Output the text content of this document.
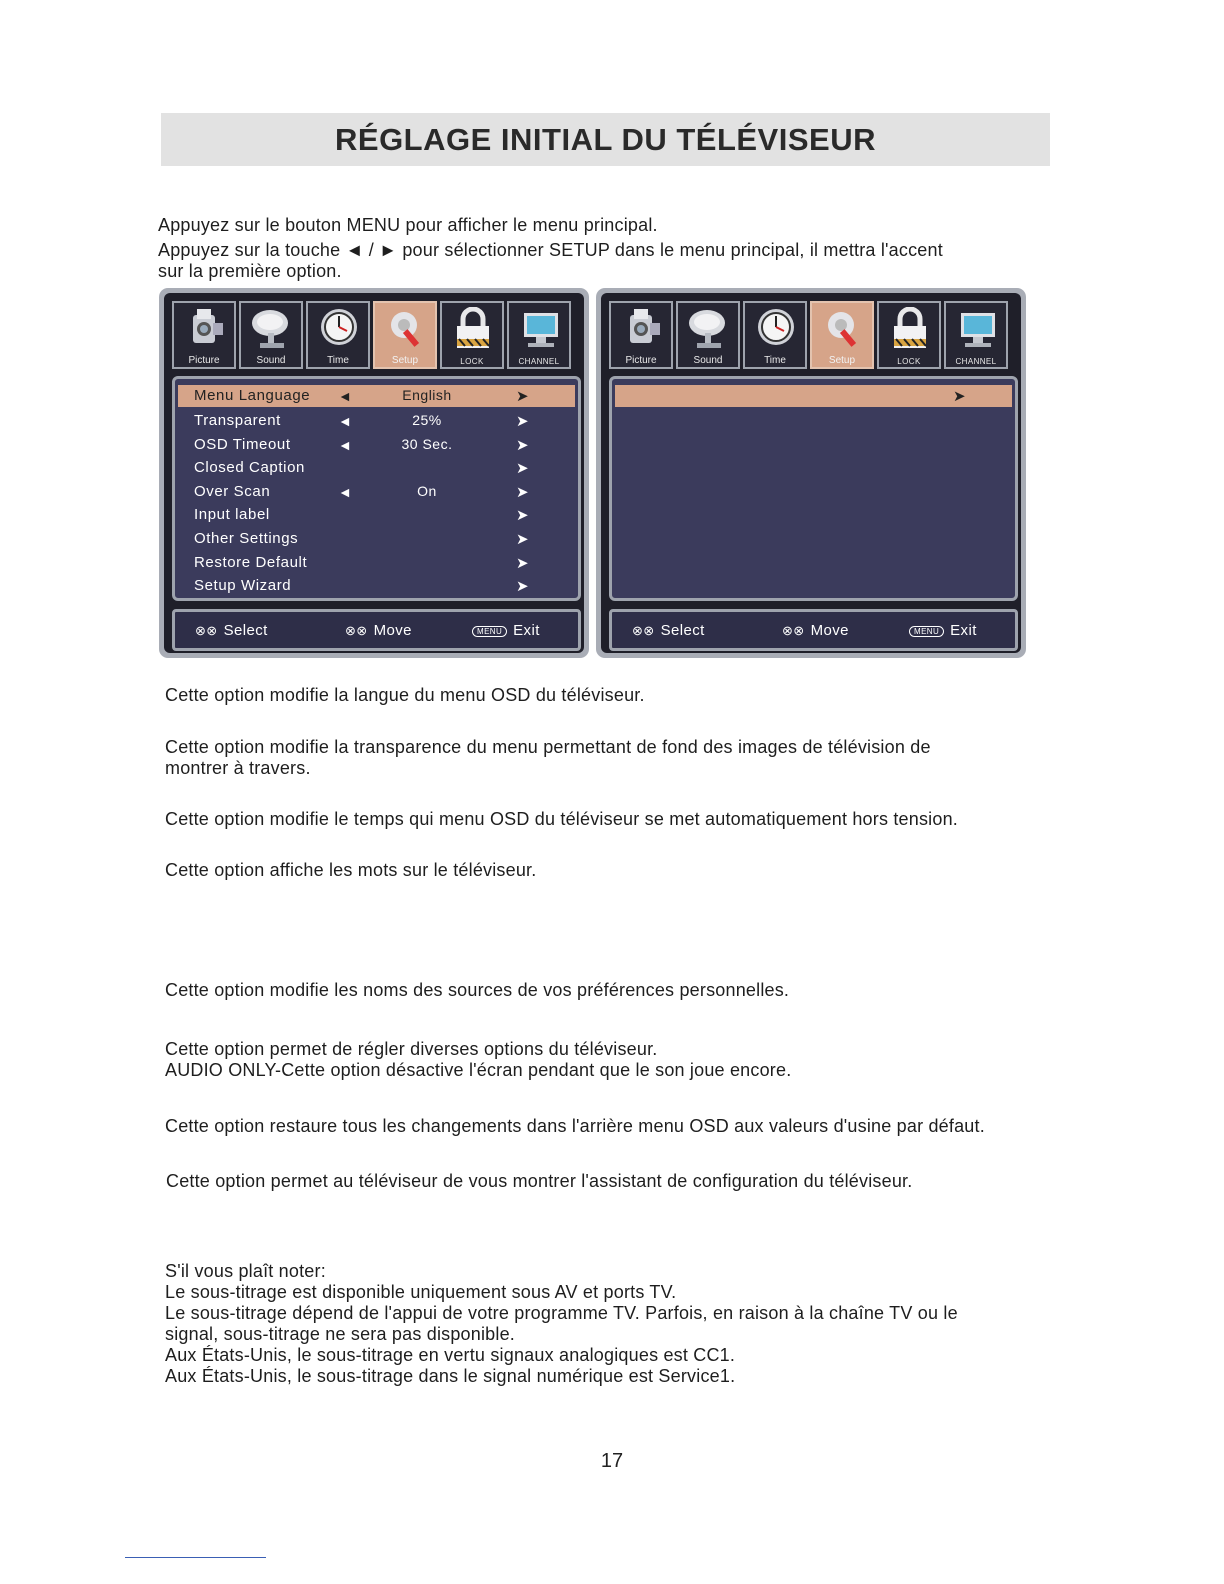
RÉGLAGE INITIAL DU TÉLÉVISEUR

Appuyez sur le bouton MENU pour afficher le menu principal.

Appuyez sur la touche ◄ / ► pour sélectionner SETUP dans le menu principal, il mettra l'accent
sur la première option.

Picture	Sound	Time	Setup	LOCK	CHANNEL
Menu Language ◄	English	➤
Transparent	◄	25%	➤
OSD Timeout	◄	30 Sec.	➤
Closed Caption	➤
Over Scan	◄	On	➤
Input label	➤
Other Settings	➤
Restore Default	➤
Setup Wizard	➤
⊗⊗ Select	⊗⊗ Move	MENU Exit
Picture	Sound	Time	Setup	LOCK	CHANNEL
➤
⊗⊗ Select	⊗⊗ Move	MENU Exit

Cette option modifie la langue du menu OSD du téléviseur.

Cette option modifie la transparence du menu permettant de fond des images de télévision de
montrer à travers.

Cette option modifie le temps qui menu OSD du téléviseur se met automatiquement hors tension.

Cette option affiche les mots sur le téléviseur.

Cette option modifie les noms des sources de vos préférences personnelles.

Cette option permet de régler diverses options du téléviseur.
AUDIO ONLY-Cette option désactive l'écran pendant que le son joue encore.

Cette option restaure tous les changements dans l'arrière menu OSD aux valeurs d'usine par défaut.

Cette option permet au téléviseur de vous montrer l'assistant de configuration du téléviseur.

S'il vous plaît noter:
Le sous-titrage est disponible uniquement sous AV et ports TV.
Le sous-titrage dépend de l'appui de votre programme TV. Parfois, en raison à la chaîne TV ou le
signal, sous-titrage ne sera pas disponible.
Aux États-Unis, le sous-titrage en vertu signaux analogiques est CC1.
Aux États-Unis, le sous-titrage dans le signal numérique est Service1.

17
